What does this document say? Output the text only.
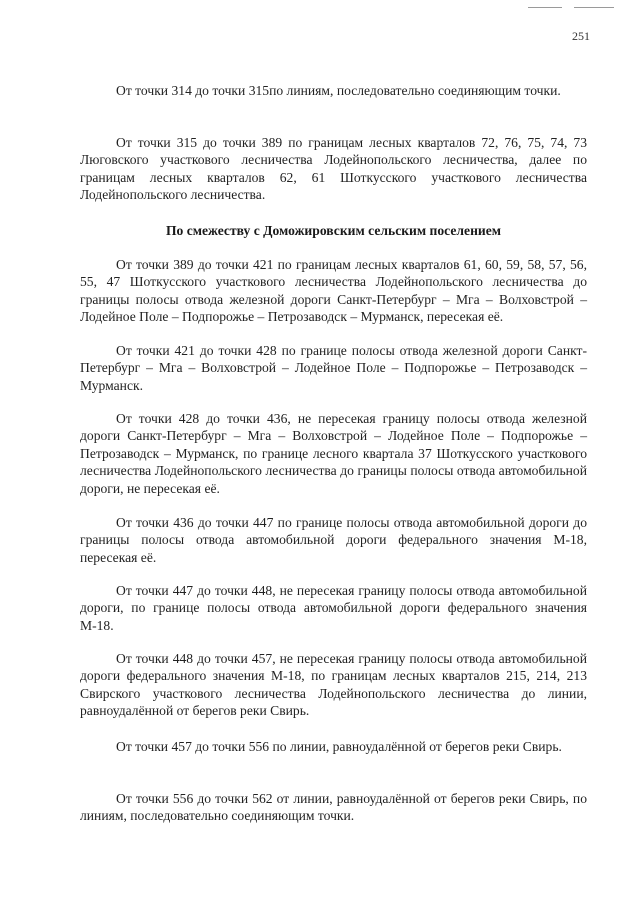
251

От точки 314 до точки 315по линиям, последовательно соединяющим точки.

От точки 315 до точки 389 по границам лесных кварталов 72, 76, 75, 74, 73 Люговского участкового лесничества Лодейнопольского лесничества, далее по границам лесных кварталов 62, 61 Шоткусского участкового лесничества Лодейнопольского лесничества.

По смежеству с Доможировским сельским поселением

От точки 389 до точки 421 по границам лесных кварталов 61, 60, 59, 58, 57, 56, 55, 47 Шоткусского участкового лесничества Лодейнопольского лесничества до границы полосы отвода железной дороги Санкт-Петербург – Мга – Волховстрой – Лодейное Поле – Подпорожье – Петрозаводск – Мурманск, пересекая её.

От точки 421 до точки 428 по границе полосы отвода железной дороги Санкт-Петербург – Мга – Волховстрой – Лодейное Поле – Подпорожье – Петрозаводск – Мурманск.

От точки 428 до точки 436, не пересекая границу полосы отвода железной дороги Санкт-Петербург – Мга – Волховстрой – Лодейное Поле – Подпорожье – Петрозаводск – Мурманск, по границе лесного квартала 37 Шоткусского участкового лесничества Лодейнопольского лесничества до границы полосы отвода автомобильной дороги, не пересекая её.

От точки 436 до точки 447 по границе полосы отвода автомобильной дороги до границы полосы отвода автомобильной дороги федерального значения М-18, пересекая её.

От точки 447 до точки 448, не пересекая границу полосы отвода автомобильной дороги, по границе полосы отвода автомобильной дороги федерального значения М-18.

От точки 448 до точки 457, не пересекая границу полосы отвода автомобильной дороги федерального значения М-18, по границам лесных кварталов 215, 214, 213 Свирского участкового лесничества Лодейнопольского лесничества до линии, равноудалённой от берегов реки Свирь.

От точки 457 до точки 556 по линии, равноудалённой от берегов реки Свирь.

От точки 556 до точки 562 от линии, равноудалённой от берегов реки Свирь, по линиям, последовательно соединяющим точки.
